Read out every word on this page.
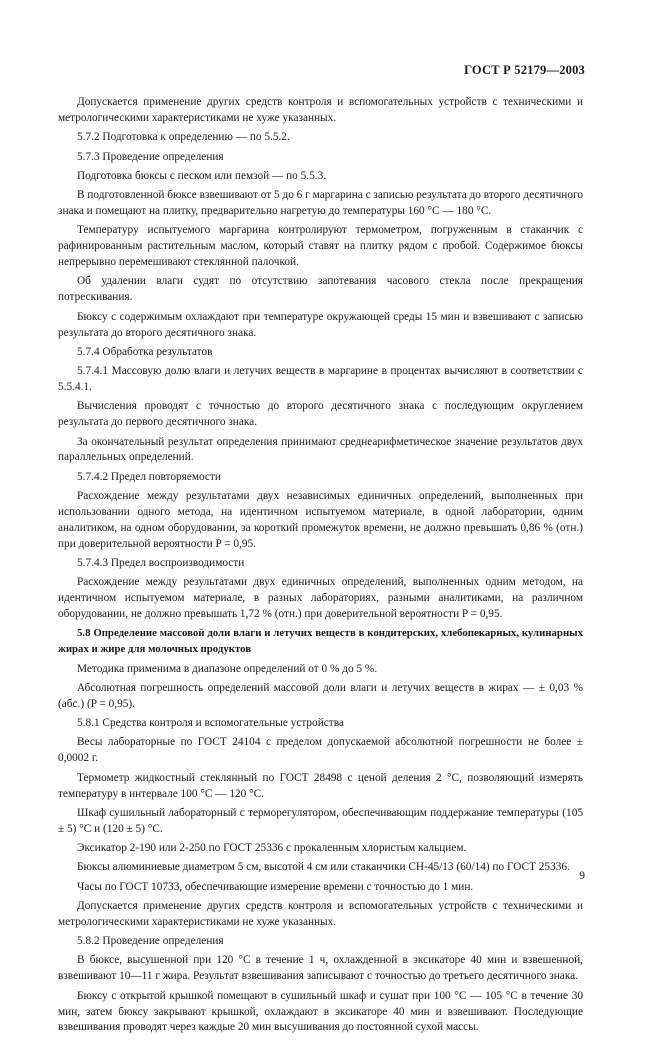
ГОСТ Р 52179—2003

Допускается применение других средств контроля и вспомогательных устройств с техническими и метрологическими характеристиками не хуже указанных.

5.7.2 Подготовка к определению — по 5.5.2.

5.7.3 Проведение определения

Подготовка бюксы с песком или пемзой — по 5.5.3.

В подготовленной бюксе взвешивают от 5 до 6 г маргарина с записью результата до второго десятичного знака и помещают на плитку, предварительно нагретую до температуры 160 °С — 180 °С.

Температуру испытуемого маргарина контролируют термометром, погруженным в стаканчик с рафинированным растительным маслом, который ставят на плитку рядом с пробой. Содержимое бюксы непрерывно перемешивают стеклянной палочкой.

Об удалении влаги судят по отсутствию запотевания часового стекла после прекращения потрескивания.

Бюксу с содержимым охлаждают при температуре окружающей среды 15 мин и взвешивают с записью результата до второго десятичного знака.

5.7.4 Обработка результатов

5.7.4.1 Массовую долю влаги и летучих веществ в маргарине в процентах вычисляют в соответствии с 5.5.4.1.

Вычисления проводят с точностью до второго десятичного знака с последующим округлением результата до первого десятичного знака.

За окончательный результат определения принимают среднеарифметическое значение результатов двух параллельных определений.

5.7.4.2 Предел повторяемости

Расхождение между результатами двух независимых единичных определений, выполненных при использовании одного метода, на идентичном испытуемом материале, в одной лаборатории, одним аналитиком, на одном оборудовании, за короткий промежуток времени, не должно превышать 0,86 % (отн.) при доверительной вероятности P = 0,95.

5.7.4.3 Предел воспроизводимости

Расхождение между результатами двух единичных определений, выполненных одним методом, на идентичном испытуемом материале, в разных лабораториях, разными аналитиками, на различном оборудовании, не должно превышать 1,72 % (отн.) при доверительной вероятности P = 0,95.

5.8 Определение массовой доли влаги и летучих веществ в кондитерских, хлебопекарных, кулинарных жирах и жире для молочных продуктов

Методика применима в диапазоне определений от 0 % до 5 %.

Абсолютная погрешность определений массовой доли влаги и летучих веществ в жирах — ± 0,03 % (абс.) (P = 0,95).

5.8.1 Средства контроля и вспомогательные устройства

Весы лабораторные по ГОСТ 24104 с пределом допускаемой абсолютной погрешности не более ± 0,0002 г.

Термометр жидкостный стеклянный по ГОСТ 28498 с ценой деления 2 °С, позволяющий измерять температуру в интервале 100 °С — 120 °С.

Шкаф сушильный лабораторный с терморегулятором, обеспечивающим поддержание температуры (105 ± 5) °С и (120 ± 5) °С.

Эксикатор 2-190 или 2-250 по ГОСТ 25336 с прокаленным хлористым кальцием.

Бюксы алюминиевые диаметром 5 см, высотой 4 см или стаканчики СН-45/13 (60/14) по ГОСТ 25336.

Часы по ГОСТ 10733, обеспечивающие измерение времени с точностью до 1 мин.

Допускается применение других средств контроля и вспомогательных устройств с техническими и метрологическими характеристиками не хуже указанных.

5.8.2 Проведение определения

В бюксе, высушенной при 120 °С в течение 1 ч, охлажденной в эксикаторе 40 мин и взвешенной, взвешивают 10—11 г жира. Результат взвешивания записывают с точностью до третьего десятичного знака.

Бюксу с открытой крышкой помещают в сушильный шкаф и сушат при 100 °С — 105 °С в течение 30 мин, затем бюксу закрывают крышкой, охлаждают в эксикаторе 40 мин и взвешивают. Последующие взвешивания проводят через каждые 20 мин высушивания до постоянной сухой массы.

9
